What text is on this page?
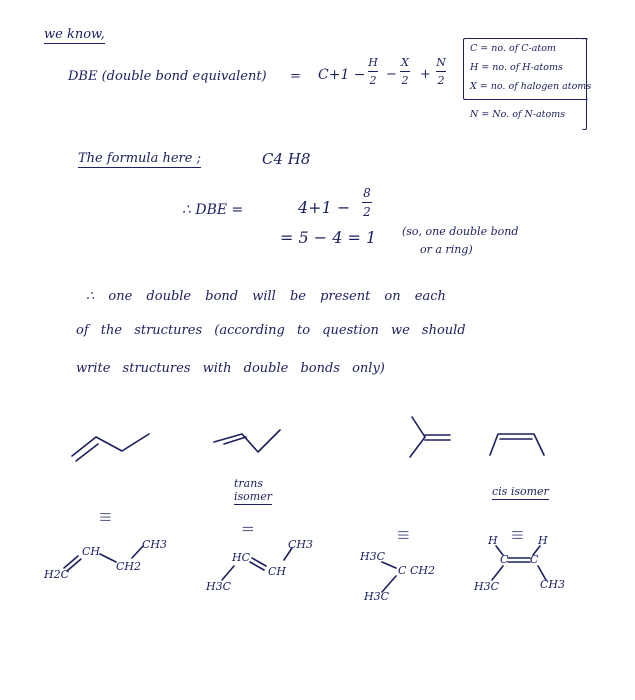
we know,
DBE (double bond equivalent) = C+1 −
H
2 −
X
2 +
N
2
C = no. of C-atom
H = no. of H-atoms
X = no. of halogen atoms
N = No. of N-atoms
The formula here ;	C4 H8
∴ DBE =	4+1 −
8
2
= 5 − 4 = 1 (so, one double bond
or a ring)
∴ one double bond will be present on each
of the structures (according to question we should
write structures with double bonds only)
trans
isomer	cis isomer
|||
||
|||	|||
H2C
CH
CH2
CH3
HC
CH
CH3
H3C
H3C
C CH2
H3C
H	H
C C
H3C	CH3
